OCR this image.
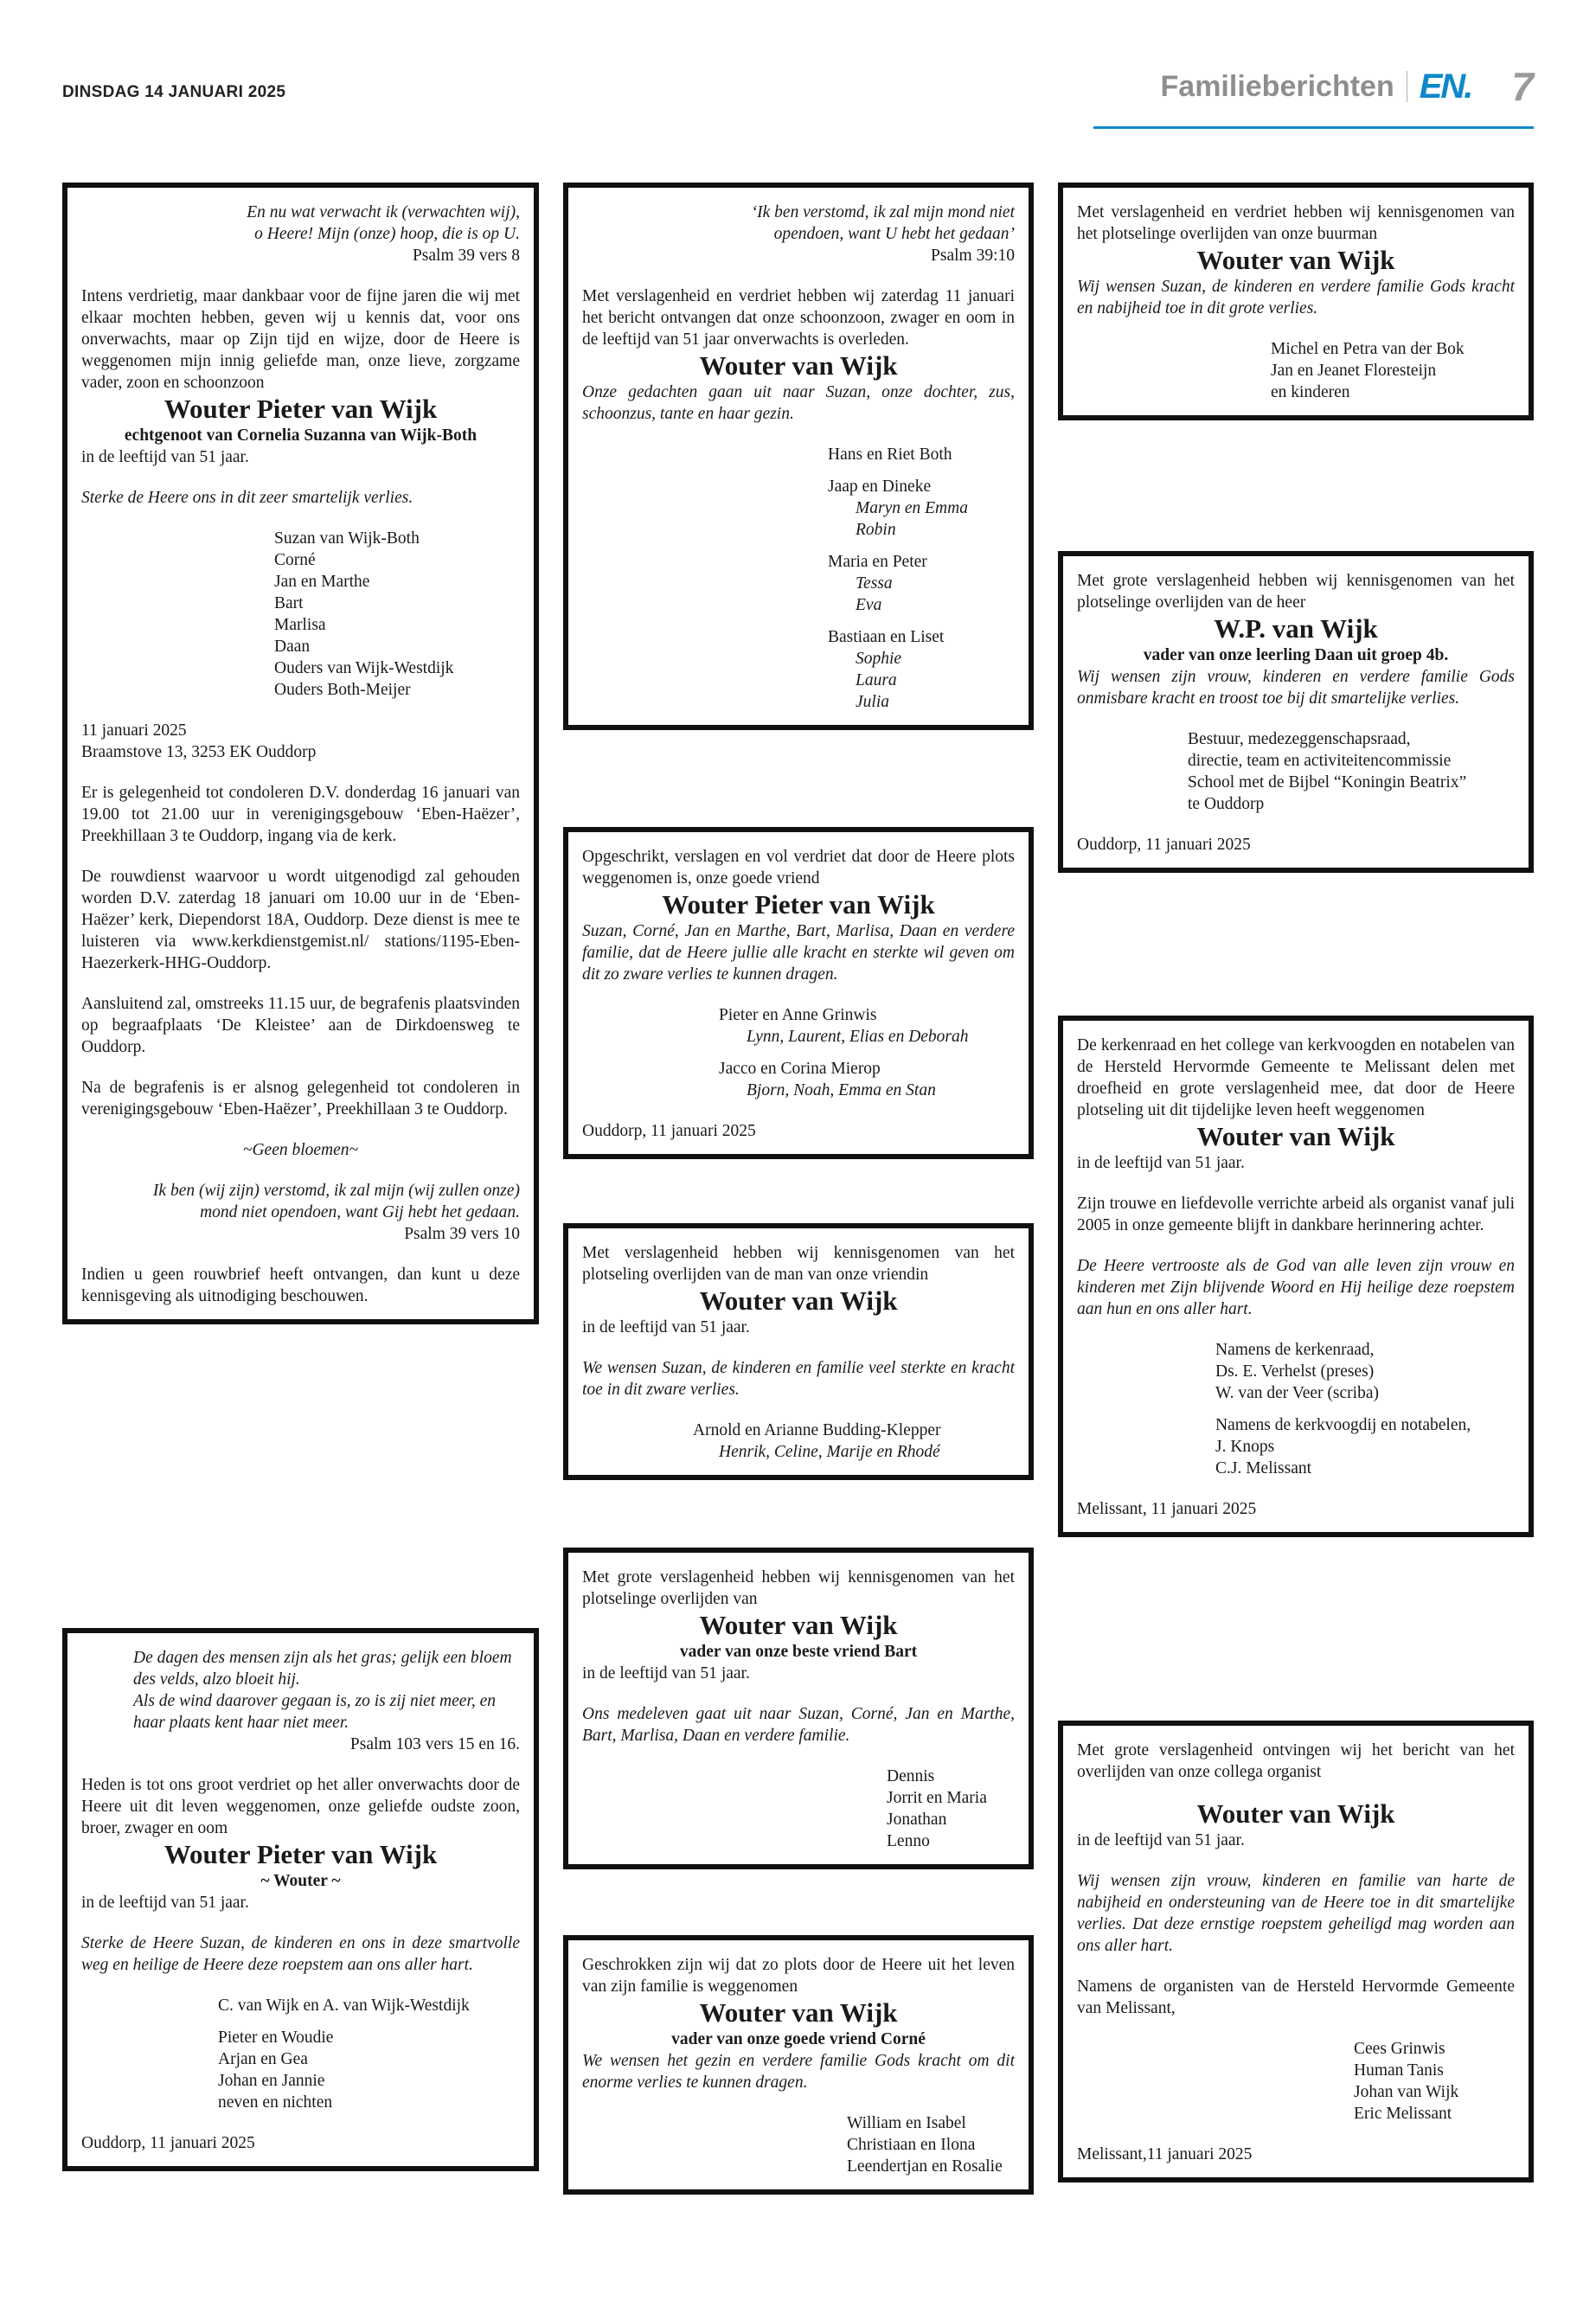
DINSDAG 14 JANUARI 2025	Familieberichten EN. 7

En nu wat verwacht ik (verwachten wij),

o Heere! Mijn (onze) hoop, die is op U.

Psalm 39 vers 8

Intens verdrietig, maar dankbaar voor de fijne jaren die wij met elkaar mochten hebben, geven wij u kennis dat, voor ons onverwachts, maar op Zijn tijd en wijze, door de Heere is weggenomen mijn innig geliefde man, onze lieve, zorgzame vader, zoon en schoonzoon

Wouter Pieter van Wijk

echtgenoot van Cornelia Suzanna van Wijk-Both

in de leeftijd van 51 jaar.

Sterke de Heere ons in dit zeer smartelijk verlies.

Suzan van Wijk-Both

Corné

Jan en Marthe

Bart

Marlisa

Daan

Ouders van Wijk-Westdijk

Ouders Both-Meijer

11 januari 2025

Braamstove 13, 3253 EK Ouddorp

Er is gelegenheid tot condoleren D.V. donderdag 16 januari van 19.00 tot 21.00 uur in verenigingsgebouw ‘Eben-Haëzer’, Preekhillaan 3 te Ouddorp, ingang via de kerk.

De rouwdienst waarvoor u wordt uitgenodigd zal gehouden worden D.V. zaterdag 18 januari om 10.00 uur in de ‘Eben-Haëzer’ kerk, Diependorst 18A, Ouddorp. Deze dienst is mee te luisteren via www.kerkdienstgemist.nl/ stations/1195-Eben-Haezerkerk-HHG-Ouddorp.

Aansluitend zal, omstreeks 11.15 uur, de begrafenis plaatsvinden op begraafplaats ‘De Kleistee’ aan de Dirkdoensweg te Ouddorp.

Na de begrafenis is er alsnog gelegenheid tot condoleren in verenigingsgebouw ‘Eben-Haëzer’, Preekhillaan 3 te Ouddorp.

~Geen bloemen~

Ik ben (wij zijn) verstomd, ik zal mijn (wij zullen onze) mond niet opendoen, want Gij hebt het gedaan.

Psalm 39 vers 10

Indien u geen rouwbrief heeft ontvangen, dan kunt u deze kennisgeving als uitnodiging beschouwen.

De dagen des mensen zijn als het gras; gelijk een bloem des velds, alzo bloeit hij.

Als de wind daarover gegaan is, zo is zij niet meer, en haar plaats kent haar niet meer.

Psalm 103 vers 15 en 16.

Heden is tot ons groot verdriet op het aller onverwachts door de Heere uit dit leven weggenomen, onze geliefde oudste zoon, broer, zwager en oom

Wouter Pieter van Wijk

~ Wouter ~

in de leeftijd van 51 jaar.

Sterke de Heere Suzan, de kinderen en ons in deze smartvolle weg en heilige de Heere deze roepstem aan ons aller hart.

C. van Wijk en A. van Wijk-Westdijk

Pieter en Woudie

Arjan en Gea

Johan en Jannie

neven en nichten

Ouddorp, 11 januari 2025

‘Ik ben verstomd, ik zal mijn mond niet opendoen, want U hebt het gedaan’

Psalm 39:10

Met verslagenheid en verdriet hebben wij zaterdag 11 januari het bericht ontvangen dat onze schoonzoon, zwager en oom in de leeftijd van 51 jaar onverwachts is overleden.

Wouter van Wijk

Onze gedachten gaan uit naar Suzan, onze dochter, zus, schoonzus, tante en haar gezin.

Hans en Riet Both

Jaap en Dineke

Maryn en Emma

Robin

Maria en Peter

Tessa

Eva

Bastiaan en Liset

Sophie

Laura

Julia

Opgeschrikt, verslagen en vol verdriet dat door de Heere plots weggenomen is, onze goede vriend

Wouter Pieter van Wijk

Suzan, Corné, Jan en Marthe, Bart, Marlisa, Daan en verdere familie, dat de Heere jullie alle kracht en sterkte wil geven om dit zo zware verlies te kunnen dragen.

Pieter en Anne Grinwis

Lynn, Laurent, Elias en Deborah

Jacco en Corina Mierop

Bjorn, Noah, Emma en Stan

Ouddorp, 11 januari 2025

Met verslagenheid hebben wij kennisgenomen van het plotseling overlijden van de man van onze vriendin

Wouter van Wijk

in de leeftijd van 51 jaar.

We wensen Suzan, de kinderen en familie veel sterkte en kracht toe in dit zware verlies.

Arnold en Arianne Budding-Klepper

Henrik, Celine, Marije en Rhodé

Met grote verslagenheid hebben wij kennisgenomen van het plotselinge overlijden van

Wouter van Wijk

vader van onze beste vriend Bart

in de leeftijd van 51 jaar.

Ons medeleven gaat uit naar Suzan, Corné, Jan en Marthe, Bart, Marlisa, Daan en verdere familie.

Dennis

Jorrit en Maria

Jonathan

Lenno

Geschrokken zijn wij dat zo plots door de Heere uit het leven van zijn familie is weggenomen

Wouter van Wijk

vader van onze goede vriend Corné

We wensen het gezin en verdere familie Gods kracht om dit enorme verlies te kunnen dragen.

William en Isabel

Christiaan en Ilona

Leendertjan en Rosalie

Met verslagenheid en verdriet hebben wij kennisgenomen van het plotselinge overlijden van onze buurman

Wouter van Wijk

Wij wensen Suzan, de kinderen en verdere familie Gods kracht en nabijheid toe in dit grote verlies.

Michel en Petra van der Bok

Jan en Jeanet Floresteijn

en kinderen

Met grote verslagenheid hebben wij kennisgenomen van het plotselinge overlijden van de heer

W.P. van Wijk

vader van onze leerling Daan uit groep 4b.

Wij wensen zijn vrouw, kinderen en verdere familie Gods onmisbare kracht en troost toe bij dit smartelijke verlies.

Bestuur, medezeggenschapsraad,

directie, team en activiteitencommissie

School met de Bijbel “Koningin Beatrix”

te Ouddorp

Ouddorp, 11 januari 2025

De kerkenraad en het college van kerkvoogden en notabelen van de Hersteld Hervormde Gemeente te Melissant delen met droefheid en grote verslagenheid mee, dat door de Heere plotseling uit dit tijdelijke leven heeft weggenomen

Wouter van Wijk

in de leeftijd van 51 jaar.

Zijn trouwe en liefdevolle verrichte arbeid als organist vanaf juli 2005 in onze gemeente blijft in dankbare herinnering achter.

De Heere vertrooste als de God van alle leven zijn vrouw en kinderen met Zijn blijvende Woord en Hij heilige deze roepstem aan hun en ons aller hart.

Namens de kerkenraad,

Ds. E. Verhelst (preses)

W. van der Veer (scriba)

Namens de kerkvoogdij en notabelen,

J. Knops

C.J. Melissant

Melissant, 11 januari 2025

Met grote verslagenheid ontvingen wij het bericht van het overlijden van onze collega organist

Wouter van Wijk

in de leeftijd van 51 jaar.

Wij wensen zijn vrouw, kinderen en familie van harte de nabijheid en ondersteuning van de Heere toe in dit smartelijke verlies. Dat deze ernstige roepstem geheiligd mag worden aan ons aller hart.

Namens de organisten van de Hersteld Hervormde Gemeente van Melissant,

Cees Grinwis

Human Tanis

Johan van Wijk

Eric Melissant

Melissant,11 januari 2025
